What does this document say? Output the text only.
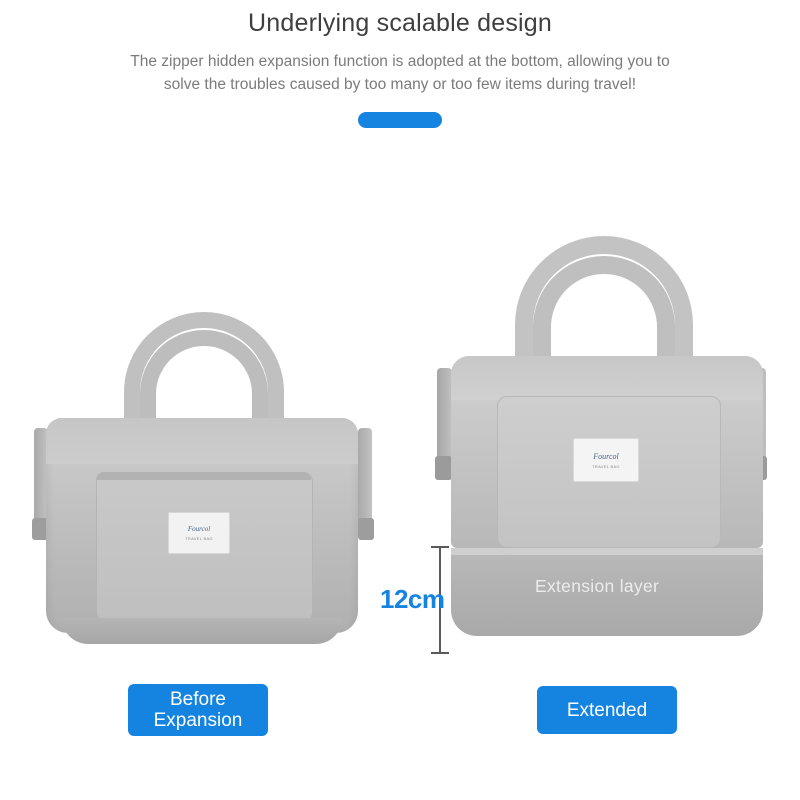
Underlying scalable design
The zipper hidden expansion function is adopted at the bottom, allowing you to solve the troubles caused by too many or too few items during travel!
Fourcol
TRAVEL BAG
Fourcol
TRAVEL BAG
Extension layer
12cm
Before Expansion	Extended
